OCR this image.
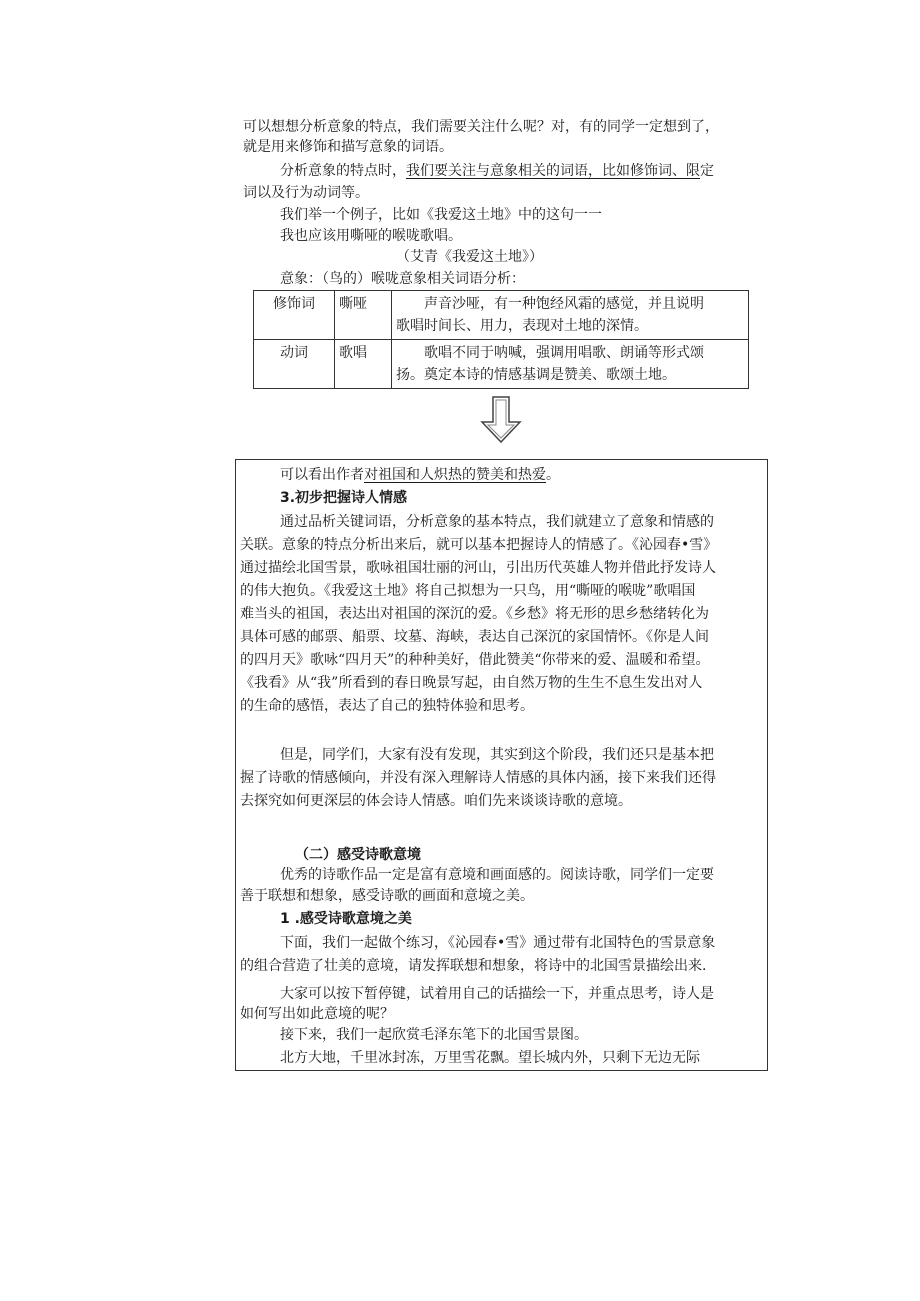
可以想想分析意象的特点，我们需要关注什么呢？对，有的同学一定想到了，
就是用来修饰和描写意象的词语。
分析意象的特点时，我们要关注与意象相关的词语，比如修饰词、限定
词以及行为动词等。
我们举一个例子，比如《我爱这土地》中的这句一一
我也应该用嘶哑的喉咙歌唱。
（艾青《我爱这土地》）
意象：（鸟的）喉咙意象相关词语分析：
修饰词	嘶哑	声音沙哑，有一种饱经风霜的感觉，并且说明
歌唱时间长、用力，表现对土地的深情。

动词	歌唱	歌唱不同于呐喊，强调用唱歌、朗诵等形式颂
扬。奠定本诗的情感基调是赞美、歌颂土地。
可以看出作者对祖国和人炽热的赞美和热爱。
3.初步把握诗人情感
通过品析关键词语，分析意象的基本特点，我们就建立了意象和情感的
关联。意象的特点分析出来后，就可以基本把握诗人的情感了。《沁园春•雪》
通过描绘北国雪景，歌咏祖国壮丽的河山，引出历代英雄人物并借此抒发诗人
的伟大抱负。《我爱这土地》将自己拟想为一只鸟，用“嘶哑的喉咙”歌唱国
难当头的祖国，表达出对祖国的深沉的爱。《乡愁》将无形的思乡愁绪转化为
具体可感的邮票、船票、坟墓、海峡，表达自己深沉的家国情怀。《你是人间
的四月天》歌咏“四月天”的种种美好，借此赞美“你带来的爱、温暖和希望。
《我看》从“我”所看到的春日晚景写起，由自然万物的生生不息生发出对人
的生命的感悟，表达了自己的独特体验和思考。
但是，同学们，大家有没有发现，其实到这个阶段，我们还只是基本把
握了诗歌的情感倾向，并没有深入理解诗人情感的具体内涵，接下来我们还得
去探究如何更深层的体会诗人情感。咱们先来谈谈诗歌的意境。
（二）感受诗歌意境
优秀的诗歌作品一定是富有意境和画面感的。阅读诗歌，同学们一定要
善于联想和想象，感受诗歌的画面和意境之美。
1 .感受诗歌意境之美
下面，我们一起做个练习，《沁园春•雪》通过带有北国特色的雪景意象
的组合营造了壮美的意境，请发挥联想和想象，将诗中的北国雪景描绘出来.
大家可以按下暂停键，试着用自己的话描绘一下，并重点思考，诗人是
如何写出如此意境的呢？
接下来，我们一起欣赏毛泽东笔下的北国雪景图。
北方大地，千里冰封冻，万里雪花飘。望长城内外，只剩下无边无际
